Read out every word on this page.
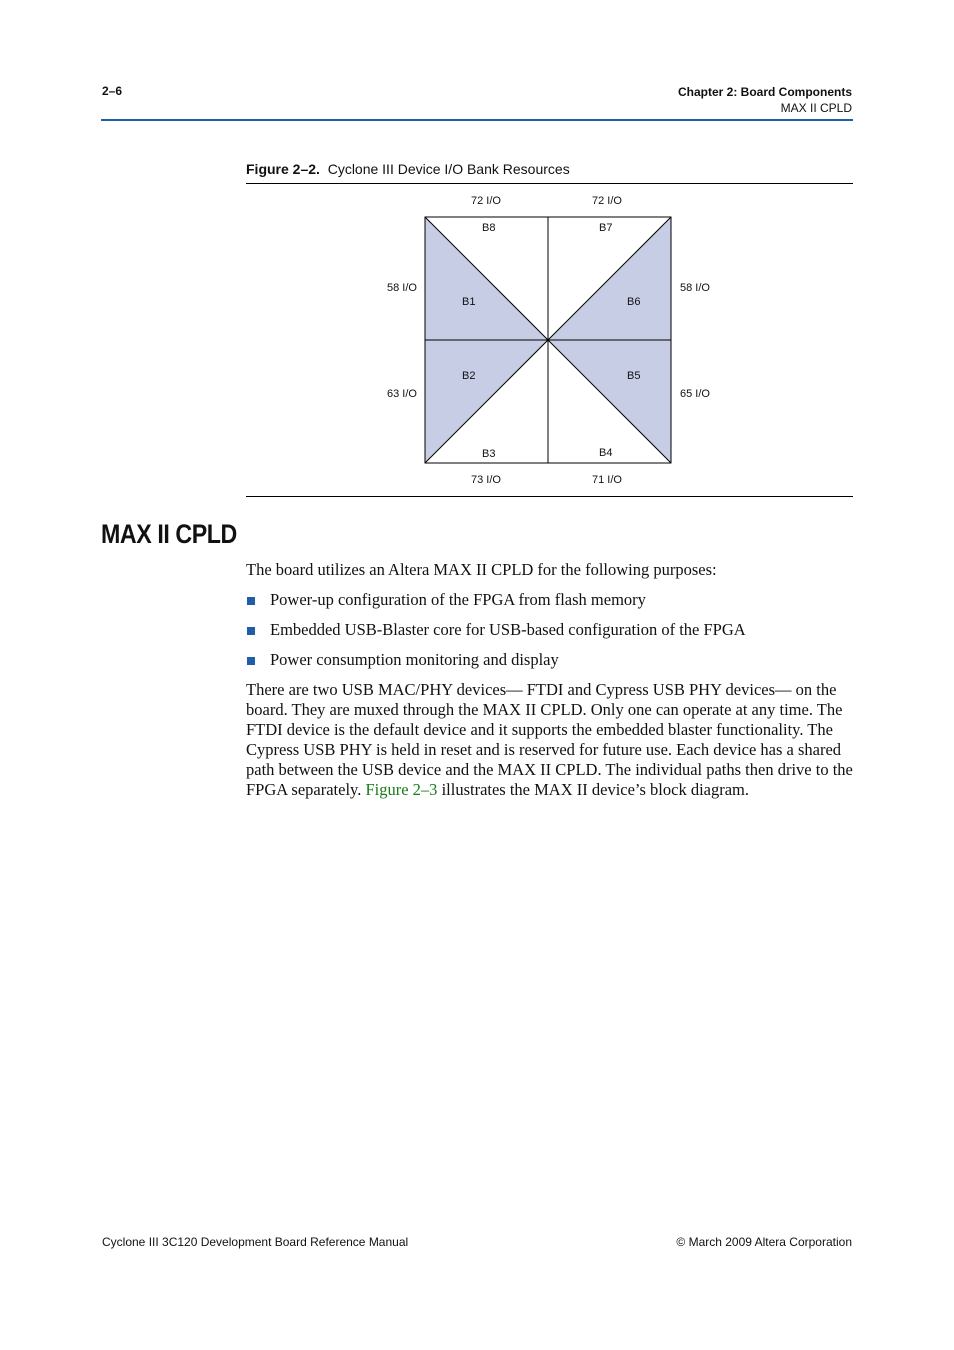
2–6	Chapter 2: Board Components
MAX II CPLD
Figure 2–2. Cyclone III Device I/O Bank Resources
72 I/O	72 I/O
58 I/O
63 I/O
58 I/O
65 I/O
73 I/O	71 I/O
B8	B7
B1	B6
B2	B5
B3	B4
MAX II CPLD

The board utilizes an Altera MAX II CPLD for the following purposes:

Power-up configuration of the FPGA from flash memory
Embedded USB-Blaster core for USB-based configuration of the FPGA
Power consumption monitoring and display

There are two USB MAC/PHY devices— FTDI and Cypress USB PHY devices— on the board. They are muxed through the MAX II CPLD. Only one can operate at any time. The FTDI device is the default device and it supports the embedded blaster functionality. The Cypress USB PHY is held in reset and is reserved for future use. Each device has a shared path between the USB device and the MAX II CPLD. The individual paths then drive to the FPGA separately. Figure 2–3 illustrates the MAX II device’s block diagram.

Cyclone III 3C120 Development Board Reference Manual	© March 2009 Altera Corporation
